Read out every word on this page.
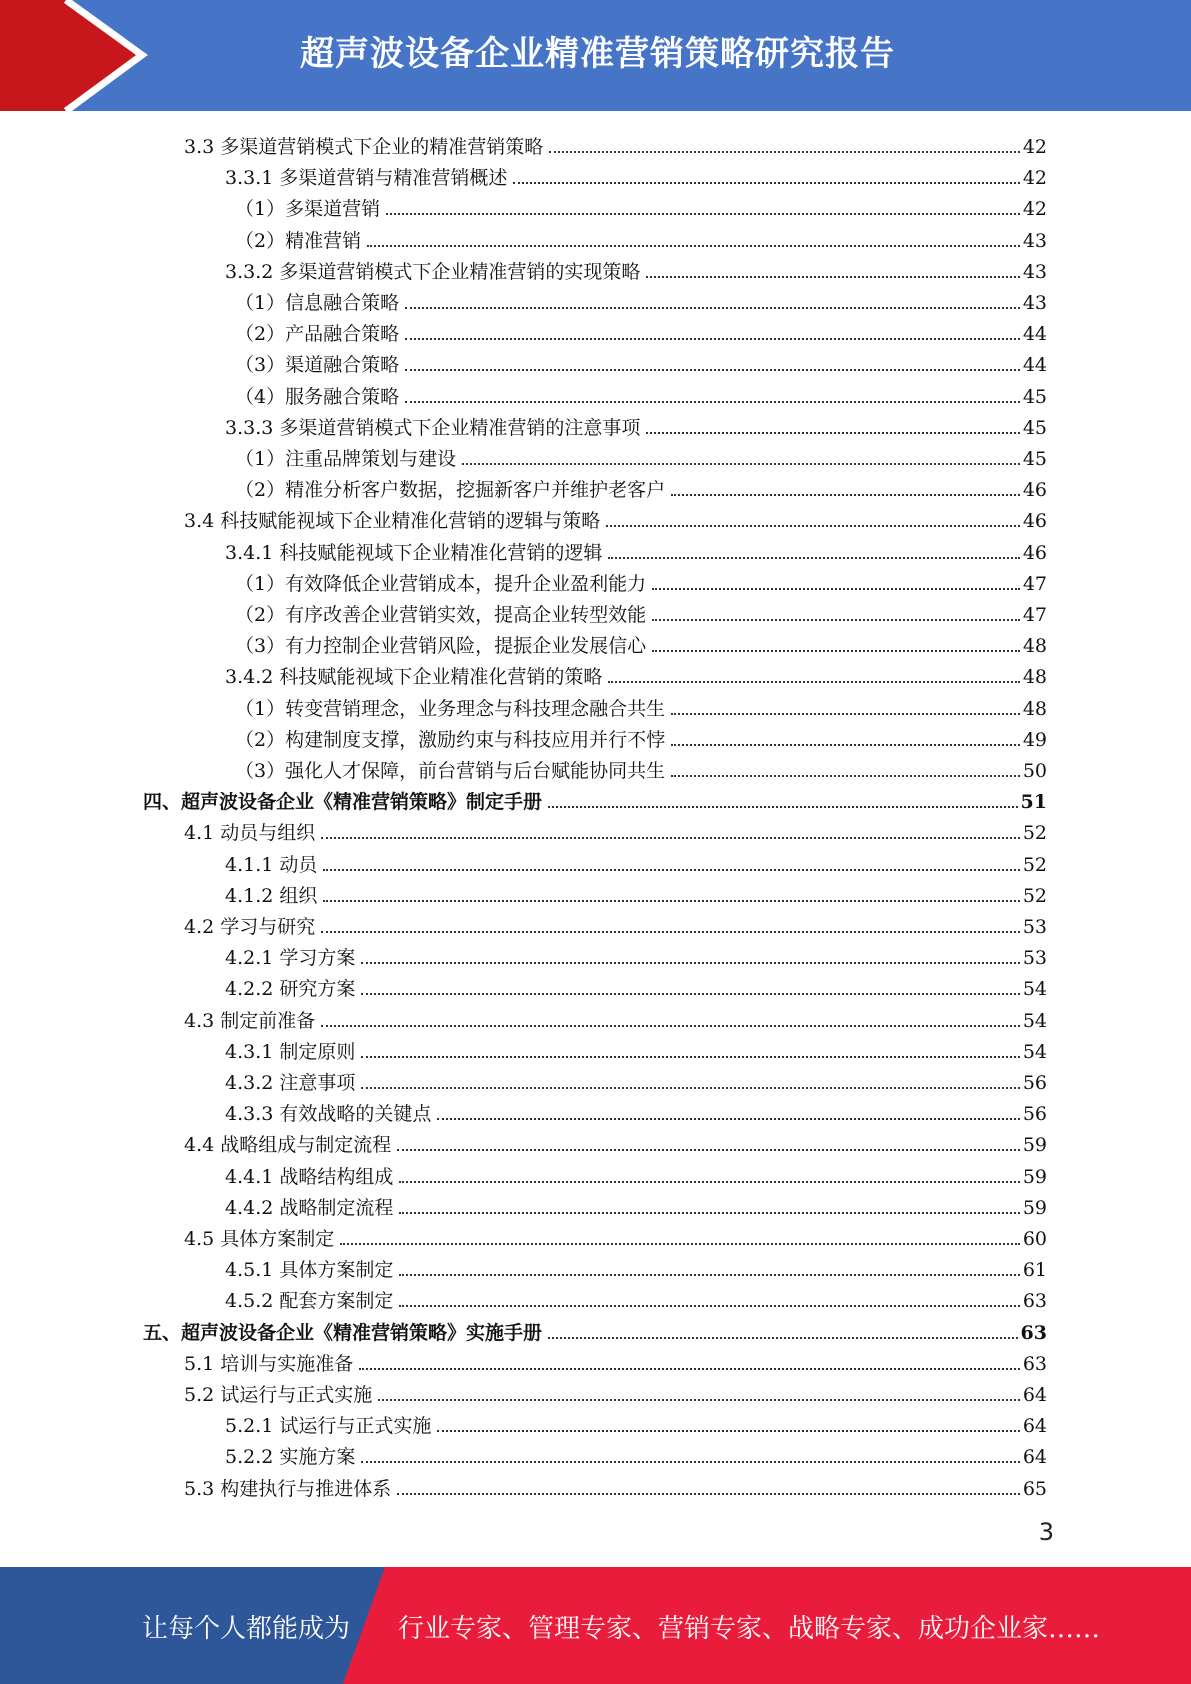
超声波设备企业精准营销策略研究报告
3.3 多渠道营销模式下企业的精准营销策略	42
3.3.1 多渠道营销与精准营销概述	42
（1）多渠道营销	42
（2）精准营销	43
3.3.2 多渠道营销模式下企业精准营销的实现策略	43
（1）信息融合策略	43
（2）产品融合策略	44
（3）渠道融合策略	44
（4）服务融合策略	45
3.3.3 多渠道营销模式下企业精准营销的注意事项	45
（1）注重品牌策划与建设	45
（2）精准分析客户数据，挖掘新客户并维护老客户	46
3.4 科技赋能视域下企业精准化营销的逻辑与策略	46
3.4.1 科技赋能视域下企业精准化营销的逻辑	46
（1）有效降低企业营销成本，提升企业盈利能力	47
（2）有序改善企业营销实效，提高企业转型效能	47
（3）有力控制企业营销风险，提振企业发展信心	48
3.4.2 科技赋能视域下企业精准化营销的策略	48
（1）转变营销理念，业务理念与科技理念融合共生	48
（2）构建制度支撑，激励约束与科技应用并行不悖	49
（3）强化人才保障，前台营销与后台赋能协同共生	50
四、超声波设备企业《精准营销策略》制定手册	51
4.1 动员与组织	52
4.1.1 动员	52
4.1.2 组织	52
4.2 学习与研究	53
4.2.1 学习方案	53
4.2.2 研究方案	54
4.3 制定前准备	54
4.3.1 制定原则	54
4.3.2 注意事项	56
4.3.3 有效战略的关键点	56
4.4 战略组成与制定流程	59
4.4.1 战略结构组成	59
4.4.2 战略制定流程	59
4.5 具体方案制定	60
4.5.1 具体方案制定	61
4.5.2 配套方案制定	63
五、超声波设备企业《精准营销策略》实施手册	63
5.1 培训与实施准备	63
5.2 试运行与正式实施	64
5.2.1 试运行与正式实施	64
5.2.2 实施方案	64
5.3 构建执行与推进体系	65
3
让每个人都能成为 行业专家、管理专家、营销专家、战略专家、成功企业家……
